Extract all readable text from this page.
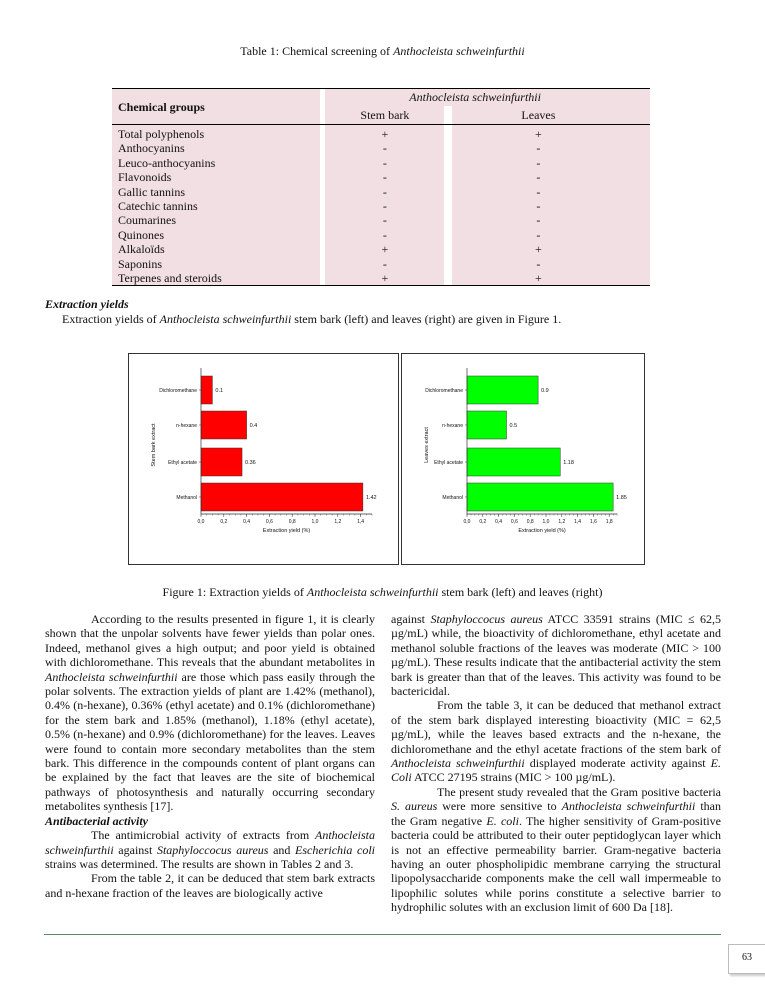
Table 1: Chemical screening of Anthocleista schweinfurthii
		Anthocleista schweinfurthii			
Chemical groups		Stem bark		Leaves	
Total polyphenols		+		+	
Anthocyanins		-		-	
Leuco-anthocyanins		-		-	
Flavonoids		-		-	
Gallic tannins		-		-	
Catechic tannins		-		-	
Coumarines		-		-	
Quinones		-		-	
Alkaloïds		+		+	
Saponins		-		-	
Terpenes and steroids		+		+	
Extraction yields
Extraction yields of Anthocleista schweinfurthii stem bark (left) and leaves (right) are given in Figure 1.
0.1
Dichloromethane
0.4
n-hexane
0.36
Ethyl acetate
1.42
Methanol
0,0	0,2	0,4	0,6	0,8	1,0	1,2	1,4
Extraction yield (%)
Stem bark extract
0.9
Dichloromethane
0.5
n-hexane
1.18
Ethyl acetate
1.85
Methanol
0,0 0,2 0,4 0,6 0,8 1,0 1,2 1,4 1,6 1,8
Extraction yield (%)
Leaves extract
Figure 1: Extraction yields of Anthocleista schweinfurthii stem bark (left) and leaves (right)

According to the results presented in figure 1, it is clearly shown that the unpolar solvents have fewer yields than polar ones. Indeed, methanol gives a high output; and poor yield is obtained with dichloromethane. This reveals that the abundant metabolites in Anthocleista schweinfurthii are those which pass easily through the polar solvents. The extraction yields of plant are 1.42% (methanol), 0.4% (n-hexane), 0.36% (ethyl acetate) and 0.1% (dichloromethane) for the stem bark and 1.85% (methanol), 1.18% (ethyl acetate), 0.5% (n-hexane) and 0.9% (dichloromethane) for the leaves. Leaves were found to contain more secondary metabolites than the stem bark. This difference in the compounds content of plant organs can be explained by the fact that leaves are the site of biochemical pathways of photosynthesis and naturally occurring secondary metabolites synthesis [17].

Antibacterial activity

The antimicrobial activity of extracts from Anthocleista schweinfurthii against Staphyloccocus aureus and Escherichia coli strains was determined. The results are shown in Tables 2 and 3.

From the table 2, it can be deduced that stem bark extracts and n-hexane fraction of the leaves are biologically active

against Staphyloccocus aureus ATCC 33591 strains (MIC ≤ 62,5 µg/mL) while, the bioactivity of dichloromethane, ethyl acetate and methanol soluble fractions of the leaves was moderate (MIC > 100 µg/mL). These results indicate that the antibacterial activity the stem bark is greater than that of the leaves. This activity was found to be bactericidal.

From the table 3, it can be deduced that methanol extract of the stem bark displayed interesting bioactivity (MIC = 62,5 µg/mL), while the leaves based extracts and the n-hexane, the dichloromethane and the ethyl acetate fractions of the stem bark of Anthocleista schweinfurthii displayed moderate activity against E. Coli ATCC 27195 strains (MIC > 100 µg/mL).

The present study revealed that the Gram positive bacteria S. aureus were more sensitive to Anthocleista schweinfurthii than the Gram negative E. coli. The higher sensitivity of Gram-positive bacteria could be attributed to their outer peptidoglycan layer which is not an effective permeability barrier. Gram-negative bacteria having an outer phospholipidic membrane carrying the structural lipopolysaccharide components make the cell wall impermeable to lipophilic solutes while porins constitute a selective barrier to hydrophilic solutes with an exclusion limit of 600 Da [18].

63
